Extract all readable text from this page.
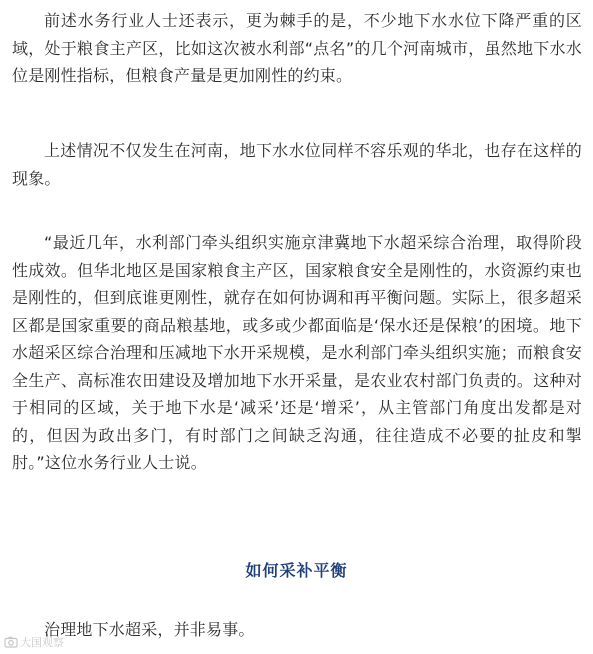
前述水务行业人士还表示，更为棘手的是，不少地下水水位下降严重的区域，处于粮食主产区，比如这次被水利部“点名”的几个河南城市，虽然地下水水位是刚性指标，但粮食产量是更加刚性的约束。

上述情况不仅发生在河南，地下水水位同样不容乐观的华北，也存在这样的现象。

“最近几年，水利部门牵头组织实施京津冀地下水超采综合治理，取得阶段性成效。但华北地区是国家粮食主产区，国家粮食安全是刚性的，水资源约束也是刚性的，但到底谁更刚性，就存在如何协调和再平衡问题。实际上，很多超采区都是国家重要的商品粮基地，或多或少都面临是‘保水还是保粮’的困境。地下水超采区综合治理和压减地下水开采规模，是水利部门牵头组织实施；而粮食安全生产、高标准农田建设及增加地下水开采量，是农业农村部门负责的。这种对于相同的区域，关于地下水是‘减采’还是‘增采’，从主管部门角度出发都是对的，但因为政出多门，有时部门之间缺乏沟通，往往造成不必要的扯皮和掣肘。”这位水务行业人士说。

如何采补平衡

治理地下水超采，并非易事。

大国观察
